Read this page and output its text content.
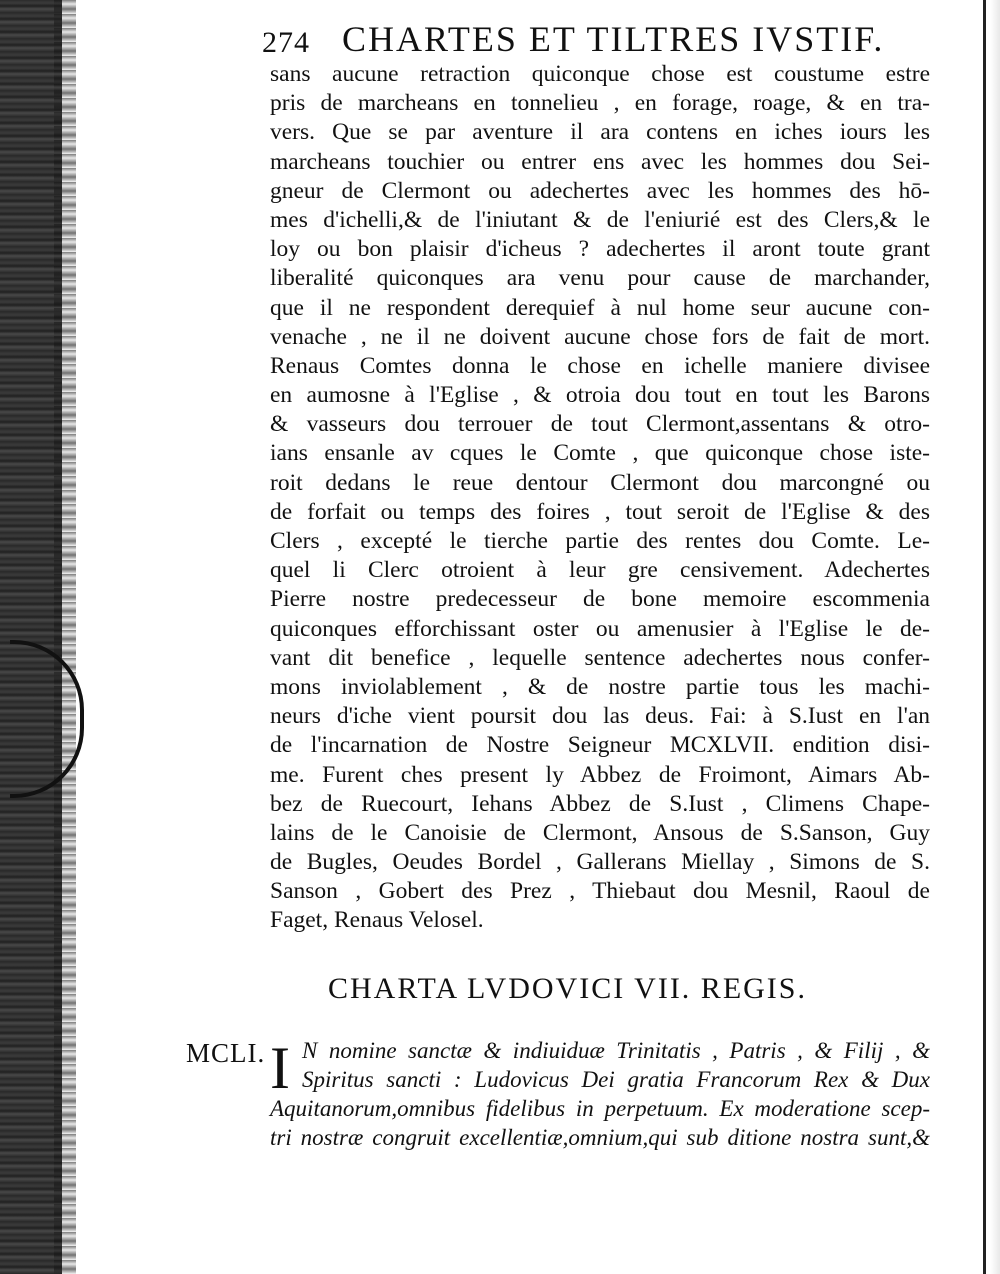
274 CHARTES ET TILTRES IVSTIF.
sans aucune retraction quiconque chose est coustume estre
pris de marcheans en tonnelieu , en forage, roage, & en tra-
vers. Que se par aventure il ara contens en iches iours les
marcheans touchier ou entrer ens avec les hommes dou Sei-
gneur de Clermont ou adechertes avec les hommes des hō-
mes d'ichelli,& de l'iniutant & de l'eniurié est des Clers,& le
loy ou bon plaisir d'icheus ? adechertes il aront toute grant
liberalité quiconques ara venu pour cause de marchander,
que il ne respondent derequief à nul home seur aucune con-
venache , ne il ne doivent aucune chose fors de fait de mort.
Renaus Comtes donna le chose en ichelle maniere divisee
en aumosne à l'Eglise , & otroia dou tout en tout les Barons
& vasseurs dou terrouer de tout Clermont,assentans & otro-
ians ensanle av cques le Comte , que quiconque chose iste-
roit dedans le reue dentour Clermont dou marcongné ou
de forfait ou temps des foires , tout seroit de l'Eglise & des
Clers , excepté le tierche partie des rentes dou Comte. Le-
quel li Clerc otroient à leur gre censivement. Adechertes
Pierre nostre predecesseur de bone memoire escommenia
quiconques efforchissant oster ou amenusier à l'Eglise le de-
vant dit benefice , lequelle sentence adechertes nous confer-
mons inviolablement , & de nostre partie tous les machi-
neurs d'iche vient poursit dou las deus. Fai: à S.Iust en l'an
de l'incarnation de Nostre Seigneur MCXLVII. endition disi-
me. Furent ches present ly Abbez de Froimont, Aimars Ab-
bez de Ruecourt, Iehans Abbez de S.Iust , Climens Chape-
lains de le Canoisie de Clermont, Ansous de S.Sanson, Guy
de Bugles, Oeudes Bordel , Gallerans Miellay , Simons de S.
Sanson , Gobert des Prez , Thiebaut dou Mesnil, Raoul de
Faget, Renaus Velosel.
CHARTA LVDOVICI VII. REGIS.
MCLI. I N nomine sanctæ & indiuiduæ Trinitatis , Patris , & Filij , &
Spiritus sancti : Ludovicus Dei gratia Francorum Rex & Dux
Aquitanorum,omnibus fidelibus in perpetuum. Ex moderatione scep-
tri nostræ congruit excellentiæ,omnium,qui sub ditione nostra sunt,&
